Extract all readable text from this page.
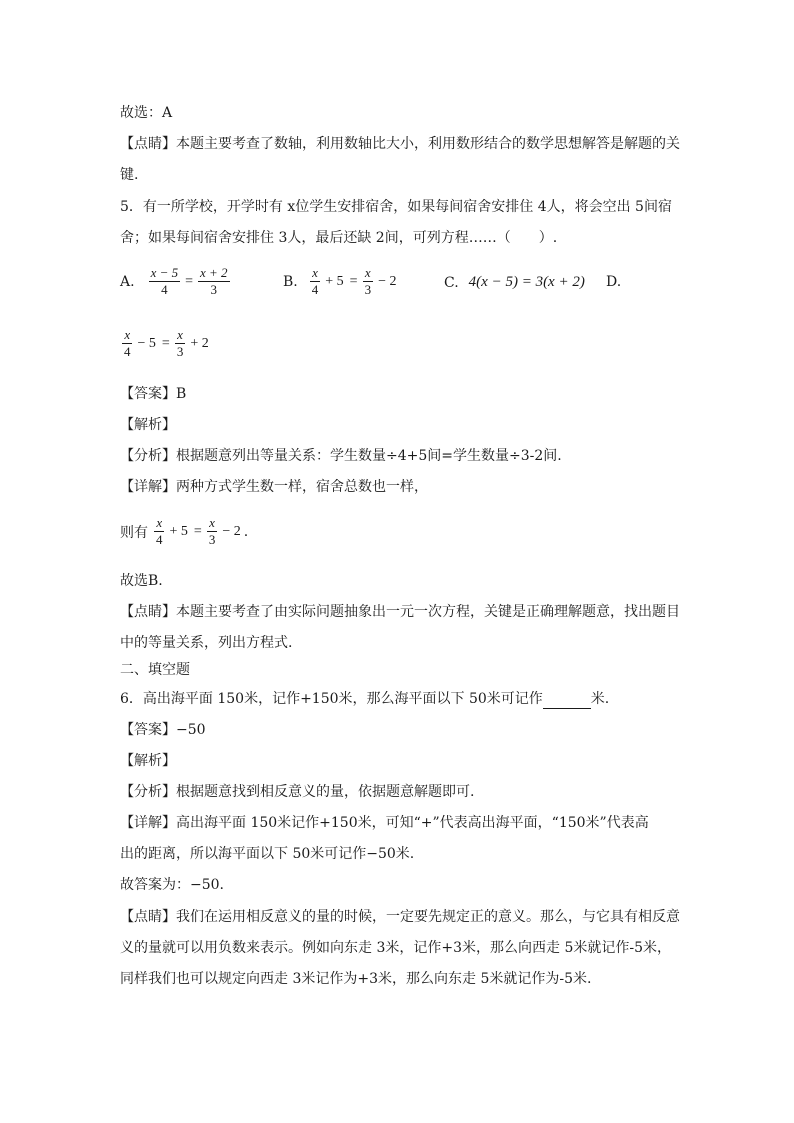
故选：A
【点睛】本题主要考查了数轴，利用数轴比大小，利用数形结合的数学思想解答是解题的关
键.
5．有一所学校，开学时有 x位学生安排宿舍，如果每间宿舍安排住 4人，将会空出 5间宿
舍；如果每间宿舍安排住 3人，最后还缺 2间，可列方程……（　　）.
A. $\frac{x - 5}{4} = \frac{x + 2}{3}$	B. $\frac{x}{4} + 5 = \frac{x}{3} - 2$	C. 4(x − 5) = 3(x + 2) D.
$\frac{x}{4} - 5 = \frac{x}{3} + 2$
【答案】B
【解析】
【分析】根据题意列出等量关系：学生数量÷4+5间=学生数量÷3-2间.
【详解】两种方式学生数一样，宿舍总数也一样，
则有 $\frac{x}{4} + 5 = \frac{x}{3} - 2$ .
故选B.
【点睛】本题主要考查了由实际问题抽象出一元一次方程，关键是正确理解题意，找出题目
中的等量关系，列出方程式.
二、填空题
6．高出海平面 150米，记作+150米，那么海平面以下 50米可记作	米.
【答案】−50
【解析】
【分析】根据题意找到相反意义的量，依据题意解题即可.
【详解】高出海平面 150米记作+150米，可知“+”代表高出海平面，“150米”代表高
出的距离，所以海平面以下 50米可记作−50米.
故答案为：−50.
【点睛】我们在运用相反意义的量的时候，一定要先规定正的意义。那么，与它具有相反意
义的量就可以用负数来表示。例如向东走 3米，记作+3米，那么向西走 5米就记作-5米，
同样我们也可以规定向西走 3米记作为+3米，那么向东走 5米就记作为-5米.
